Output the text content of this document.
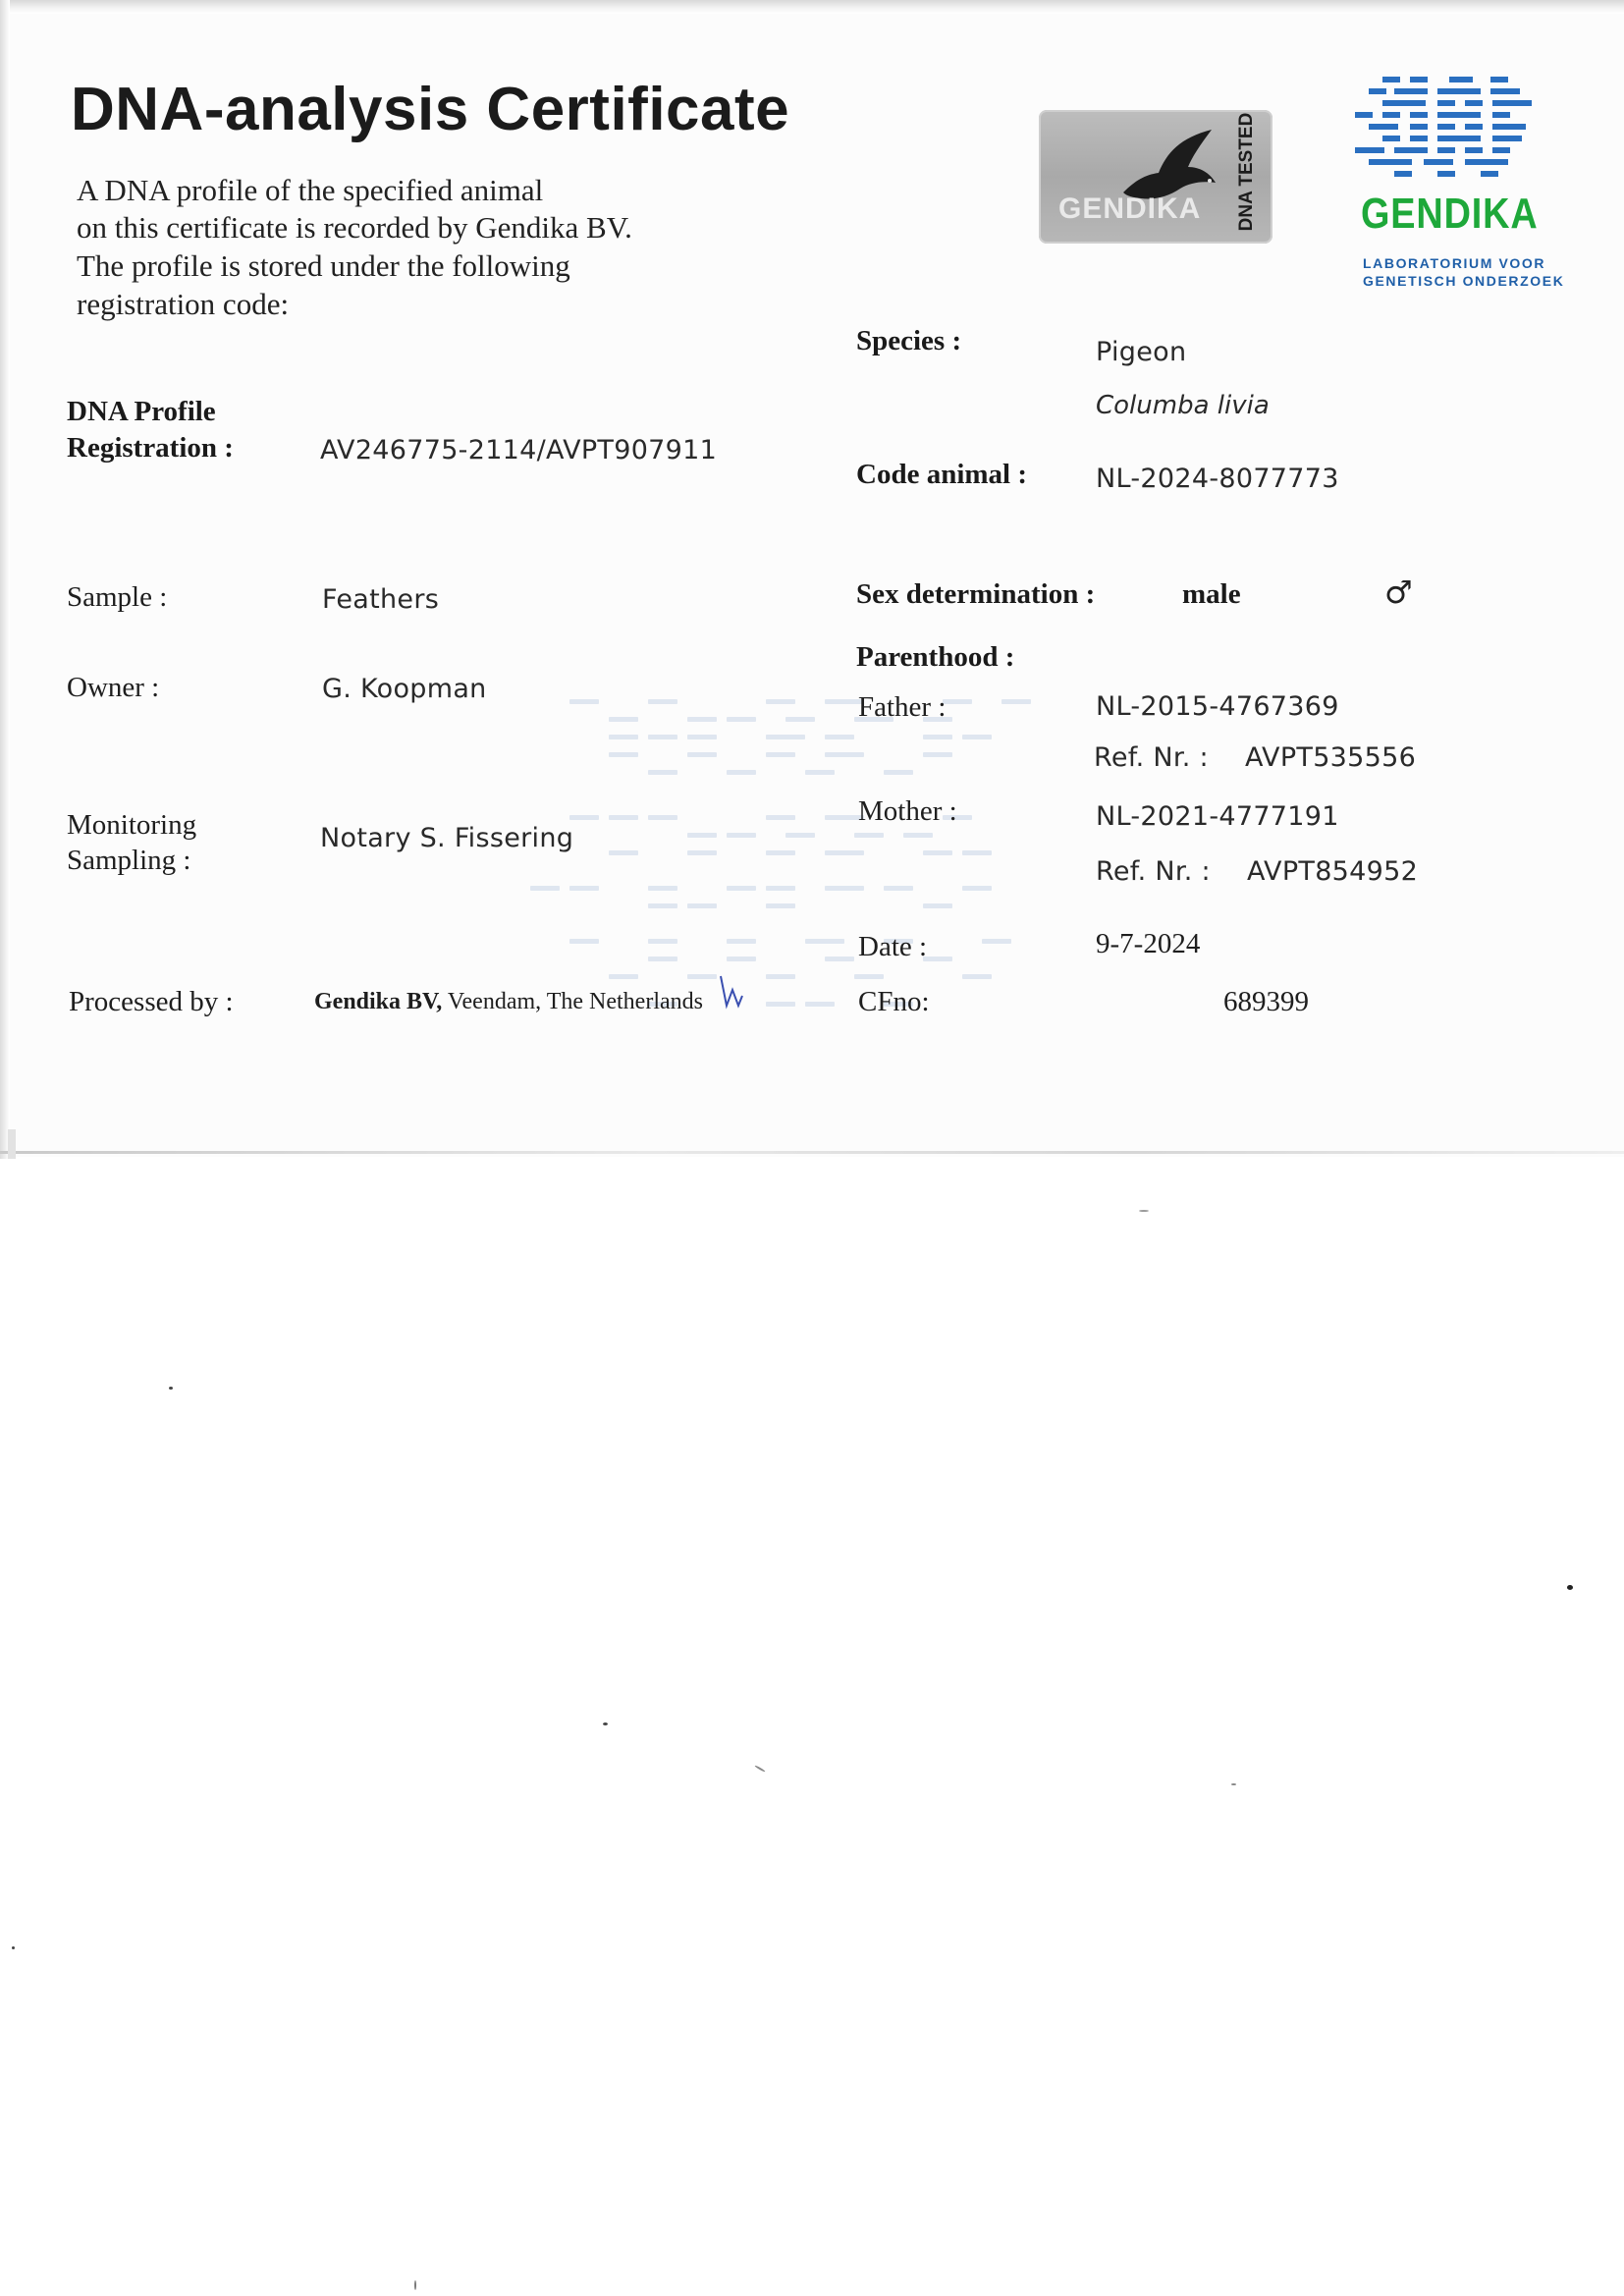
DNA-analysis Certificate
A DNA profile of the specified animal
on this certificate is recorded by Gendika BV.
The profile is stored under the following
registration code:
GENDIKA DNA TESTED GENDIKA
LABORATORIUM VOOR
GENETISCH ONDERZOEK
DNA Profile
Registration :	AV246775-2114/AVPT907911
Sample :	Feathers
Owner :	G. Koopman
Monitoring
Sampling :
Notary S. Fissering
Processed by :	Gendika BV, Veendam, The Netherlands
Species :	Pigeon
Columba livia
Code animal :	NL-2024-8077773
Sex determination :	male	♂
Parenthood :
Father :	NL-2015-4767369
Ref. Nr. : AVPT535556
Mother :	NL-2021-4777191
Ref. Nr. : AVPT854952
Date :	9-7-2024
CFno:	689399
